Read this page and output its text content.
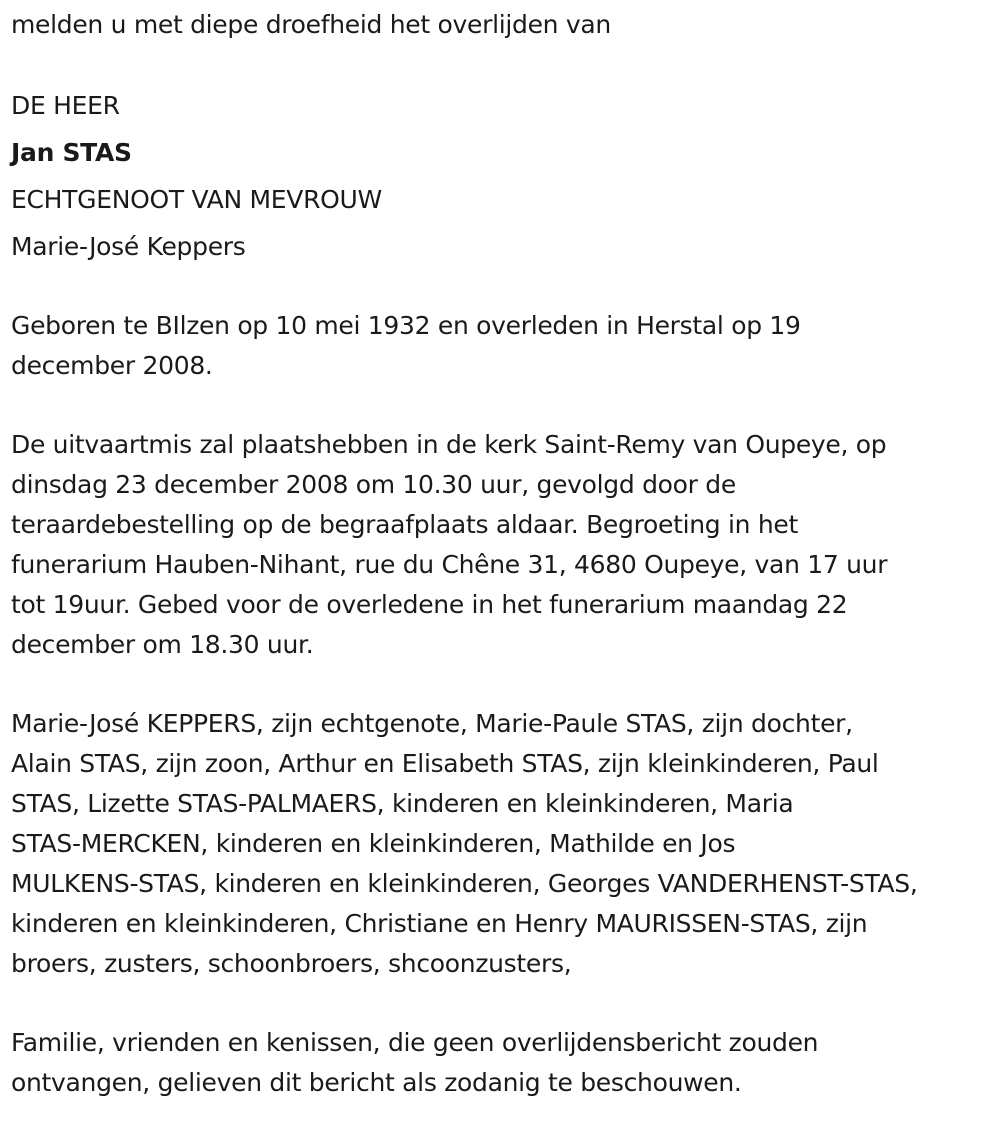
melden u met diepe droefheid het overlijden van
DE HEER
Jan STAS
ECHTGENOOT VAN MEVROUW
Marie-José Keppers
Geboren te BIlzen op 10 mei 1932 en overleden in Herstal op 19
december 2008.
De uitvaartmis zal plaatshebben in de kerk Saint-Remy van Oupeye, op
dinsdag 23 december 2008 om 10.30 uur, gevolgd door de
teraardebestelling op de begraafplaats aldaar. Begroeting in het
funerarium Hauben-Nihant, rue du Chêne 31, 4680 Oupeye, van 17 uur
tot 19uur. Gebed voor de overledene in het funerarium maandag 22
december om 18.30 uur.
Marie-José KEPPERS, zijn echtgenote, Marie-Paule STAS, zijn dochter,
Alain STAS, zijn zoon, Arthur en Elisabeth STAS, zijn kleinkinderen, Paul
STAS, Lizette STAS-PALMAERS, kinderen en kleinkinderen, Maria
STAS-MERCKEN, kinderen en kleinkinderen, Mathilde en Jos
MULKENS-STAS, kinderen en kleinkinderen, Georges VANDERHENST-STAS,
kinderen en kleinkinderen, Christiane en Henry MAURISSEN-STAS, zijn
broers, zusters, schoonbroers, shcoonzusters,
Familie, vrienden en kenissen, die geen overlijdensbericht zouden
ontvangen, gelieven dit bericht als zodanig te beschouwen.
